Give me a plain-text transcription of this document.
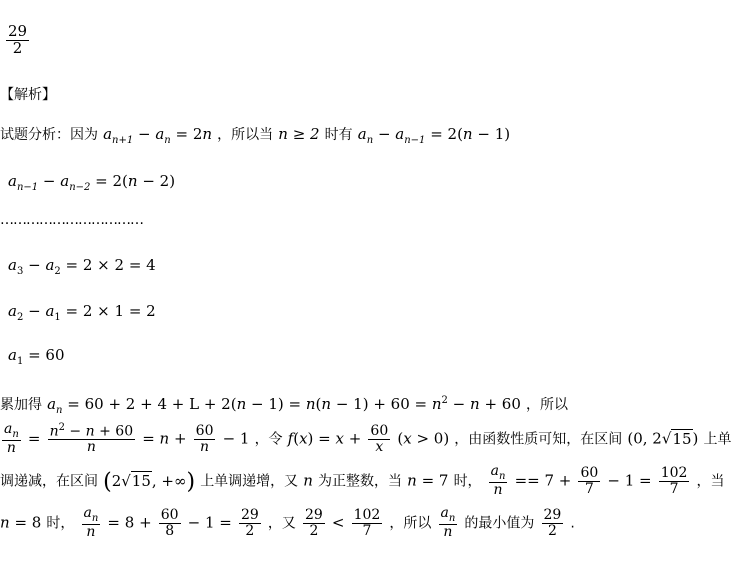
$\frac{29}{2}$
【解析】
试题分析：因为 $a_{n+1} - a_n = 2n$ ，所以当 n ≥ 2 时有 $a_n - a_{n-1} = 2(n - 1)$
$a_{n-1} - a_{n-2} = 2(n - 2)$
……………………………
$a_3 - a_2 = 2 \times 2 = 4$
$a_2 - a_1 = 2 \times 1 = 2$
$a_1 = 60$
累加得 $a_n = 60 + 2 + 4 + L + 2(n - 1) = n(n - 1) + 60 = n^2 - n + 60$ ，所以
$\frac{a_n}{n} = \frac{n^2 - n + 60}{n} = n + \frac{60}{n} - 1$ ，令 $f(x) = x + \frac{60}{x} (x > 0)$ ，由函数性质可知，在区间 (0, 2√15) 上单
调递减，在区间 (2√15, +∞) 上单调递增，又 n 为正整数，当 n = 7 时， $\frac{a_n}{n} == 7 + \frac{60}{7} - 1 = \frac{102}{7}$ ，当
n = 8 时， $\frac{a_n}{n} = 8 + \frac{60}{8} - 1 = \frac{29}{2}$ ，又 $\frac{29}{2} < \frac{102}{7}$ ，所以 $\frac{a_n}{n}$ 的最小值为 $\frac{29}{2}$ .
